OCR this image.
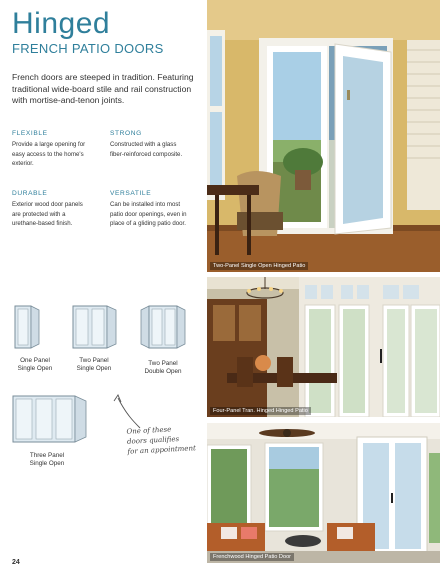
Hinged
FRENCH PATIO DOORS
French doors are steeped in tradition. Featuring traditional wide-board stile and rail construction with mortise-and-tenon joints.
FLEXIBLE
Provide a large opening for easy access to the home's exterior.
STRONG
Constructed with a glass fiber-reinforced composite.
DURABLE
Exterior wood door panels are protected with a urethane-based finish.
VERSATILE
Can be installed into most patio door openings, even in place of a gliding patio door.
One Panel
Single Open
Two Panel
Single Open
Two Panel
Double Open
Three Panel
Single Open
One of these
doors qualifies
for an appointment
24
Two-Panel Single Open Hinged Patio
Four-Panel Tran. Hinged Hinged Patio
Frenchwood Hinged Patio Door
